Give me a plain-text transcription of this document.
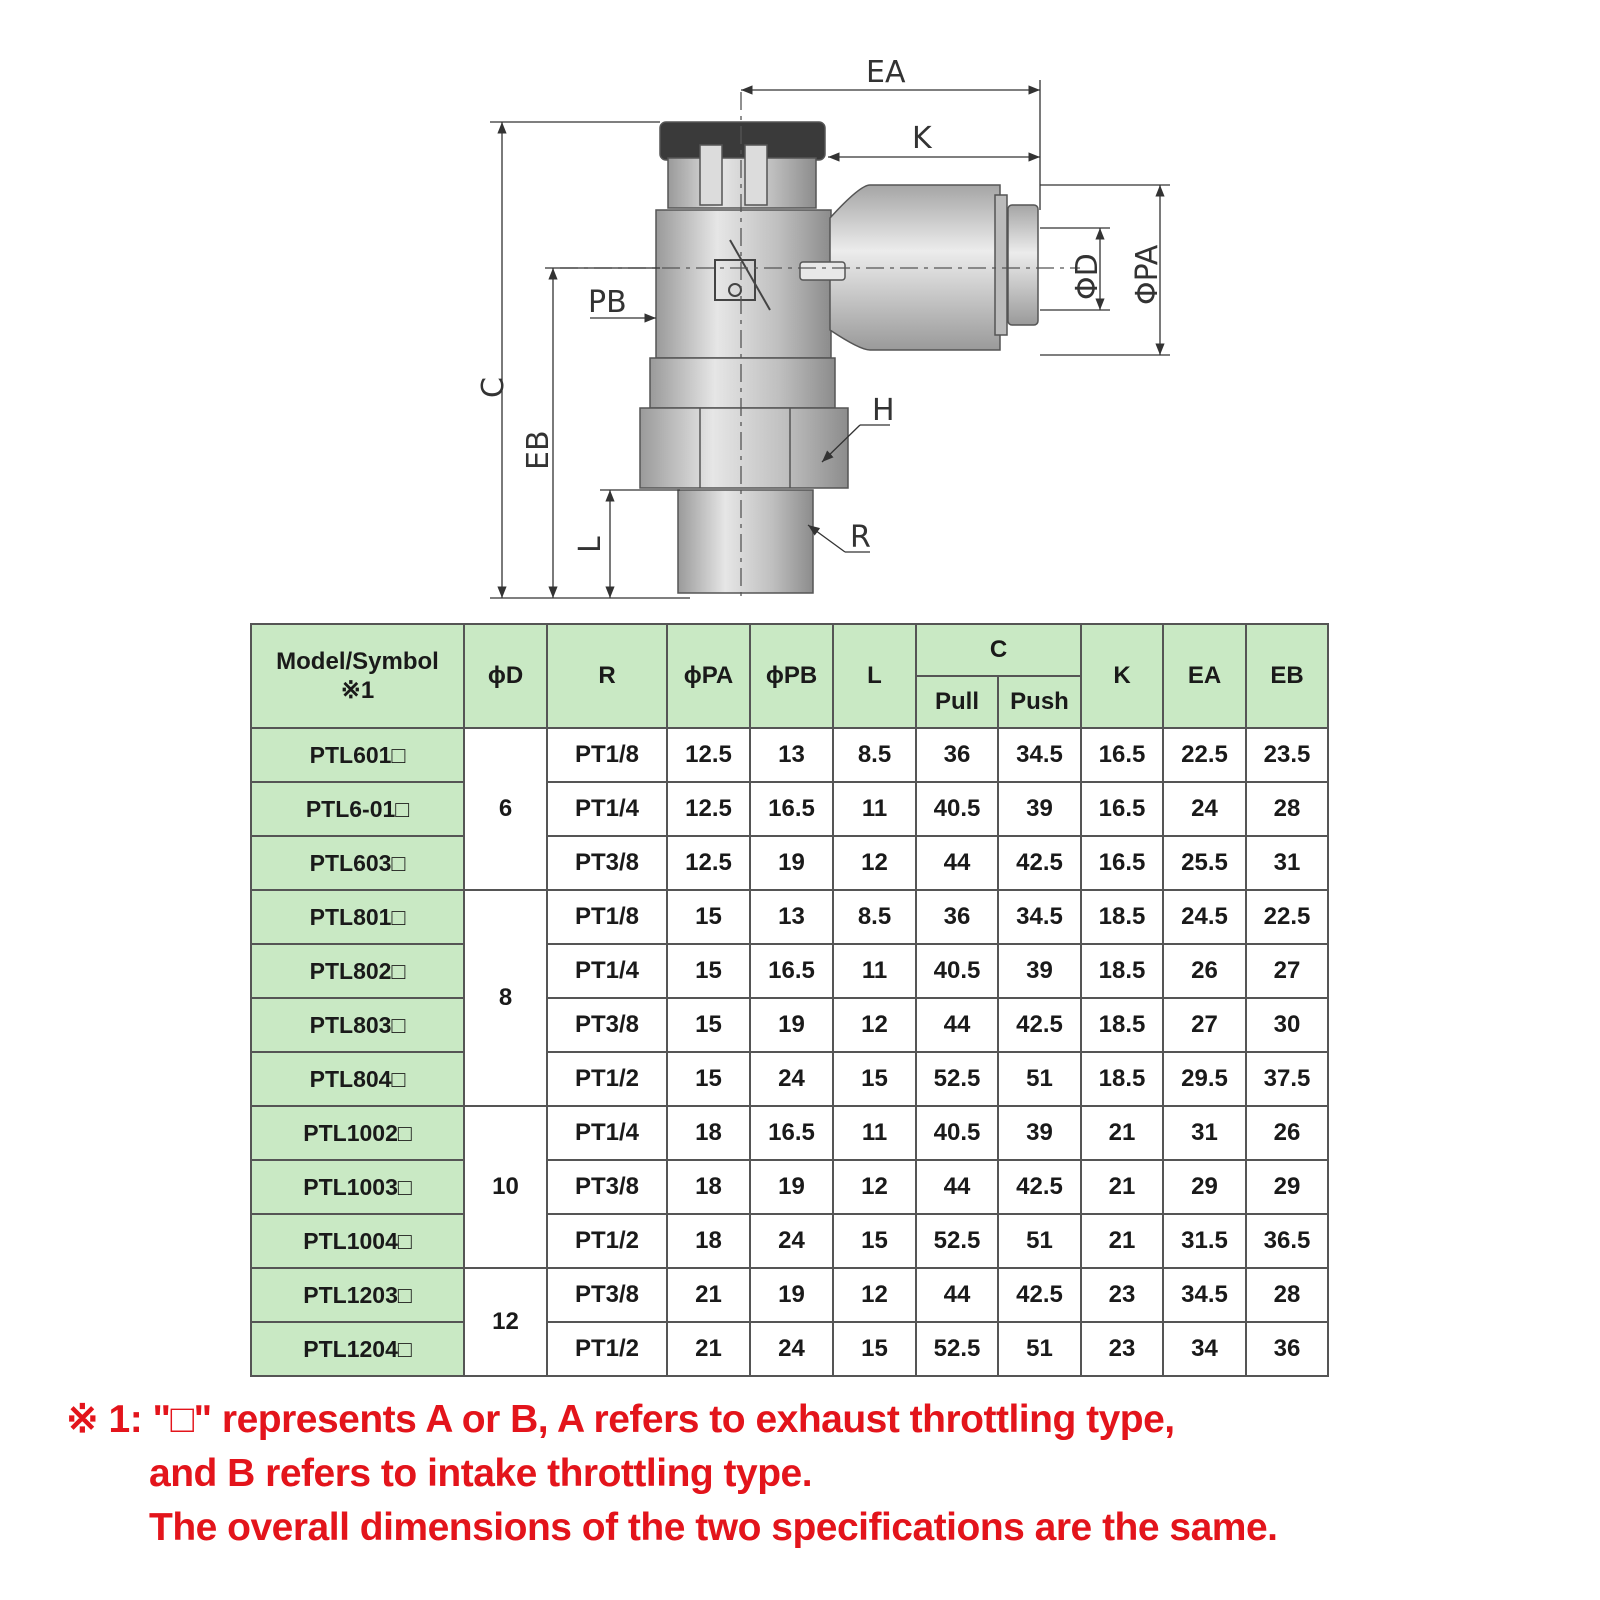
EA
K
ΦD ΦPA
PB
C
EB
H
L	R
Model/Symbol
※1	ϕD	R	ϕPA	ϕPB	L	C		K	EA	EB
						Pull	Push			
PTL601□	6	PT1/8	12.5	13	8.5	36	34.5	16.5	22.5	23.5
PTL6-01□		PT1/4	12.5	16.5	11	40.5	39	16.5	24	28
PTL603□		PT3/8	12.5	19	12	44	42.5	16.5	25.5	31
PTL801□	8	PT1/8	15	13	8.5	36	34.5	18.5	24.5	22.5
PTL802□		PT1/4	15	16.5	11	40.5	39	18.5	26	27
PTL803□		PT3/8	15	19	12	44	42.5	18.5	27	30
PTL804□		PT1/2	15	24	15	52.5	51	18.5	29.5	37.5
PTL1002□	10	PT1/4	18	16.5	11	40.5	39	21	31	26
PTL1003□		PT3/8	18	19	12	44	42.5	21	29	29
PTL1004□		PT1/2	18	24	15	52.5	51	21	31.5	36.5
PTL1203□	12	PT3/8	21	19	12	44	42.5	23	34.5	28
PTL1204□		PT1/2	21	24	15	52.5	51	23	34	36
※ 1: "□" represents A or B, A refers to exhaust throttling type,
and B refers to intake throttling type.
The overall dimensions of the two specifications are the same.
